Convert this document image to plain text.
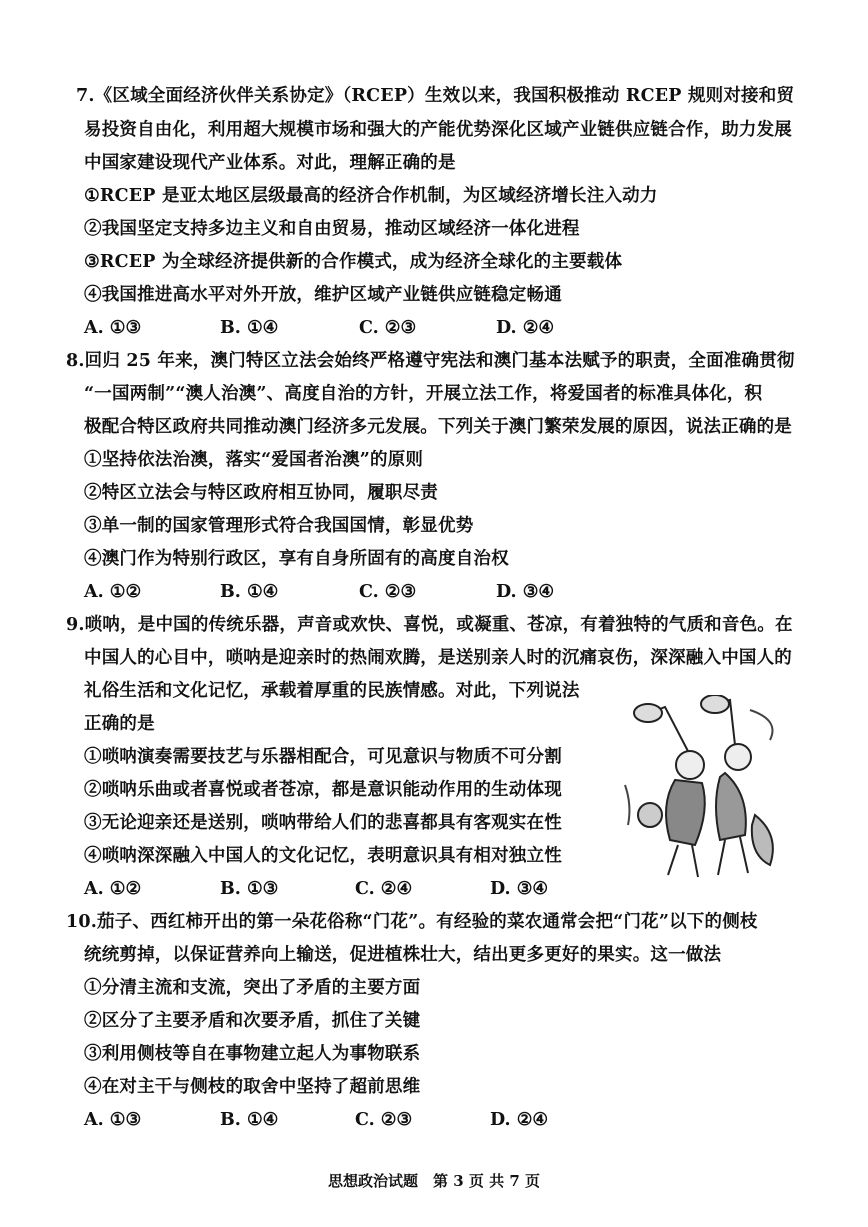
7.《区域全面经济伙伴关系协定》（RCEP）生效以来，我国积极推动 RCEP 规则对接和贸
易投资自由化，利用超大规模市场和强大的产能优势深化区域产业链供应链合作，助力发展
中国家建设现代产业体系。对此，理解正确的是
①RCEP 是亚太地区层级最高的经济合作机制，为区域经济增长注入动力
②我国坚定支持多边主义和自由贸易，推动区域经济一体化进程
③RCEP 为全球经济提供新的合作模式，成为经济全球化的主要载体
④我国推进高水平对外开放，维护区域产业链供应链稳定畅通
A. ①③	B. ①④	C. ②③	D. ②④
8.回归 25 年来，澳门特区立法会始终严格遵守宪法和澳门基本法赋予的职责，全面准确贯彻
“一国两制”“澳人治澳”、高度自治的方针，开展立法工作，将爱国者的标准具体化，积
极配合特区政府共同推动澳门经济多元发展。下列关于澳门繁荣发展的原因，说法正确的是
①坚持依法治澳，落实“爱国者治澳”的原则
②特区立法会与特区政府相互协同，履职尽责
③单一制的国家管理形式符合我国国情，彰显优势
④澳门作为特别行政区，享有自身所固有的高度自治权
A. ①②	B. ①④	C. ②③	D. ③④
9.唢呐，是中国的传统乐器，声音或欢快、喜悦，或凝重、苍凉，有着独特的气质和音色。在
中国人的心目中，唢呐是迎亲时的热闹欢腾，是送别亲人时的沉痛哀伤，深深融入中国人的
礼俗生活和文化记忆，承载着厚重的民族情感。对此，下列说法
正确的是
①唢呐演奏需要技艺与乐器相配合，可见意识与物质不可分割
②唢呐乐曲或者喜悦或者苍凉，都是意识能动作用的生动体现
③无论迎亲还是送别，唢呐带给人们的悲喜都具有客观实在性
④唢呐深深融入中国人的文化记忆，表明意识具有相对独立性
A. ①②	B. ①③	C. ②④	D. ③④
10.茄子、西红柿开出的第一朵花俗称“门花”。有经验的菜农通常会把“门花”以下的侧枝
统统剪掉，以保证营养向上输送，促进植株壮大，结出更多更好的果实。这一做法
①分清主流和支流，突出了矛盾的主要方面
②区分了主要矛盾和次要矛盾，抓住了关键
③利用侧枝等自在事物建立起人为事物联系
④在对主干与侧枝的取舍中坚持了超前思维
A. ①③	B. ①④	C. ②③	D. ②④
思想政治试题　第 3 页 共 7 页
